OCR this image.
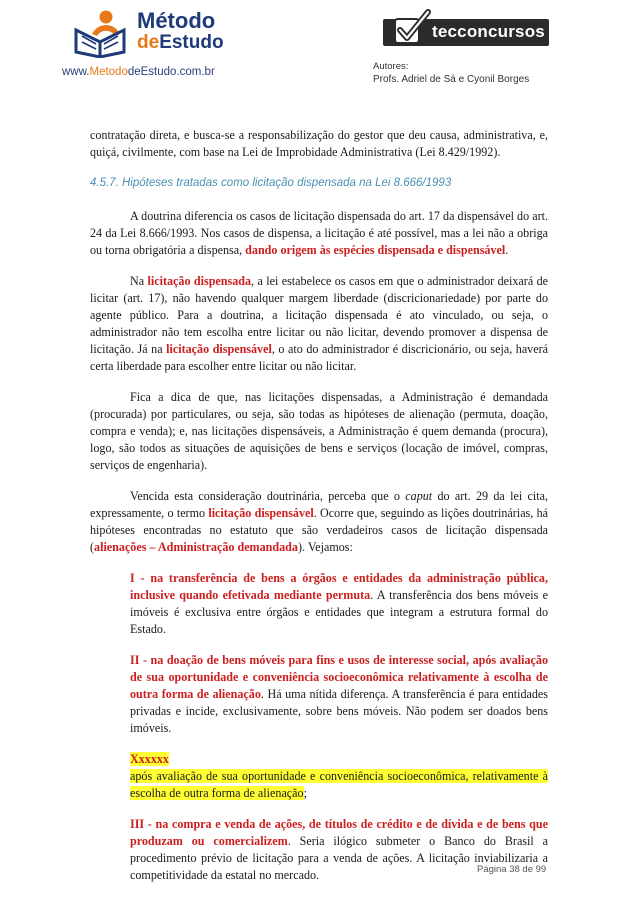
Método
deEstudo
www.MetododeEstudo.com.br
tecconcursos
Autores:
Profs. Adriel de Sá e Cyonil Borges

contratação direta, e busca-se a responsabilização do gestor que deu causa, administrativa, e, quiçá, civilmente, com base na Lei de Improbidade Administrativa (Lei 8.429/1992).

4.5.7. Hipóteses tratadas como licitação dispensada na Lei 8.666/1993

A doutrina diferencia os casos de licitação dispensada do art. 17 da dispensável do art. 24 da Lei 8.666/1993. Nos casos de dispensa, a licitação é até possível, mas a lei não a obriga ou torna obrigatória a dispensa, dando origem às espécies dispensada e dispensável.

Na licitação dispensada, a lei estabelece os casos em que o administrador deixará de licitar (art. 17), não havendo qualquer margem liberdade (discricionariedade) por parte do agente público. Para a doutrina, a licitação dispensada é ato vinculado, ou seja, o administrador não tem escolha entre licitar ou não licitar, devendo promover a dispensa de licitação. Já na licitação dispensável, o ato do administrador é discricionário, ou seja, haverá certa liberdade para escolher entre licitar ou não licitar.

Fica a dica de que, nas licitações dispensadas, a Administração é demandada (procurada) por particulares, ou seja, são todas as hipóteses de alienação (permuta, doação, compra e venda); e, nas licitações dispensáveis, a Administração é quem demanda (procura), logo, são todos as situações de aquisições de bens e serviços (locação de imóvel, compras, serviços de engenharia).

Vencida esta consideração doutrinária, perceba que o caput do art. 29 da lei cita, expressamente, o termo licitação dispensável. Ocorre que, seguindo as lições doutrinárias, há hipóteses encontradas no estatuto que são verdadeiros casos de licitação dispensada (alienações – Administração demandada). Vejamos:

I - na transferência de bens a órgãos e entidades da administração pública, inclusive quando efetivada mediante permuta. A transferência dos bens móveis e imóveis é exclusiva entre órgãos e entidades que integram a estrutura formal do Estado.

II - na doação de bens móveis para fins e usos de interesse social, após avaliação de sua oportunidade e conveniência socioeconômica relativamente à escolha de outra forma de alienação. Há uma nítida diferença. A transferência é para entidades privadas e incide, exclusivamente, sobre bens móveis. Não podem ser doados bens imóveis.

Xxxxxx
após avaliação de sua oportunidade e conveniência socioeconômica, relativamente à escolha de outra forma de alienação;

III - na compra e venda de ações, de títulos de crédito e de dívida e de bens que produzam ou comercializem. Seria ilógico submeter o Banco do Brasil a procedimento prévio de licitação para a venda de ações. A licitação inviabilizaria a competitividade da estatal no mercado.	Página 38 de 99
